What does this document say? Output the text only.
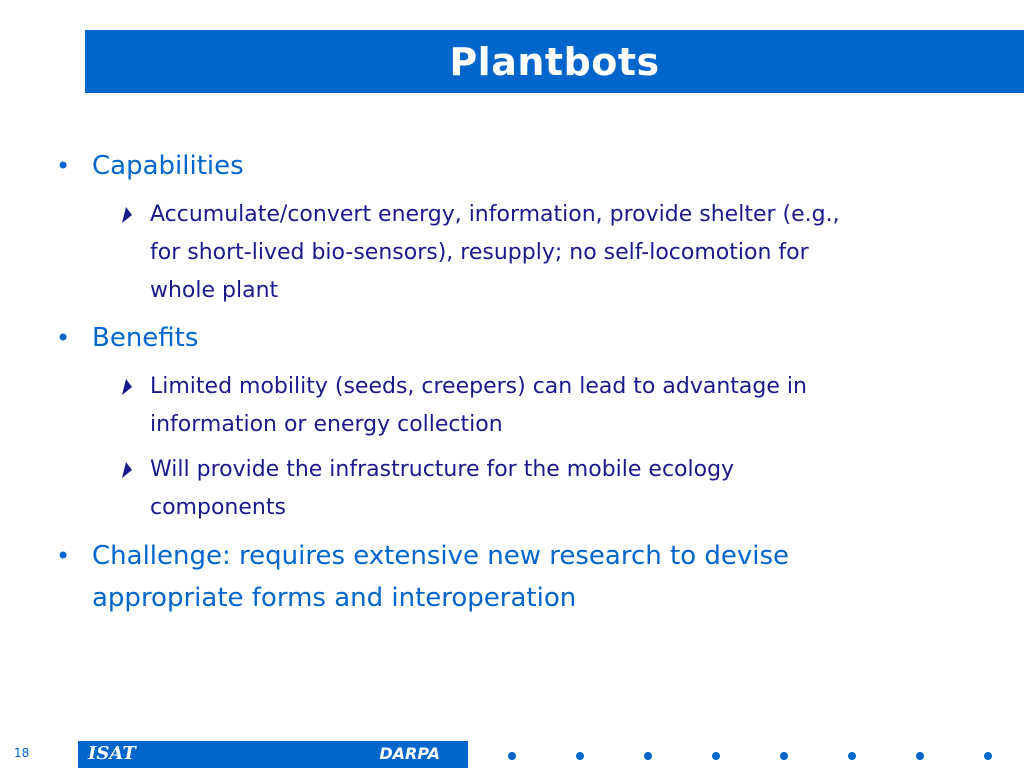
Plantbots
• Capabilities
Accumulate/convert energy, information, provide shelter (e.g.,
for short-lived bio-sensors), resupply; no self-locomotion for
whole plant
• Benefits
Limited mobility (seeds, creepers) can lead to advantage in
information or energy collection
Will provide the infrastructure for the mobile ecology
components
• Challenge: requires extensive new research to devise
appropriate forms and interoperation
18	ISAT	DARPA
